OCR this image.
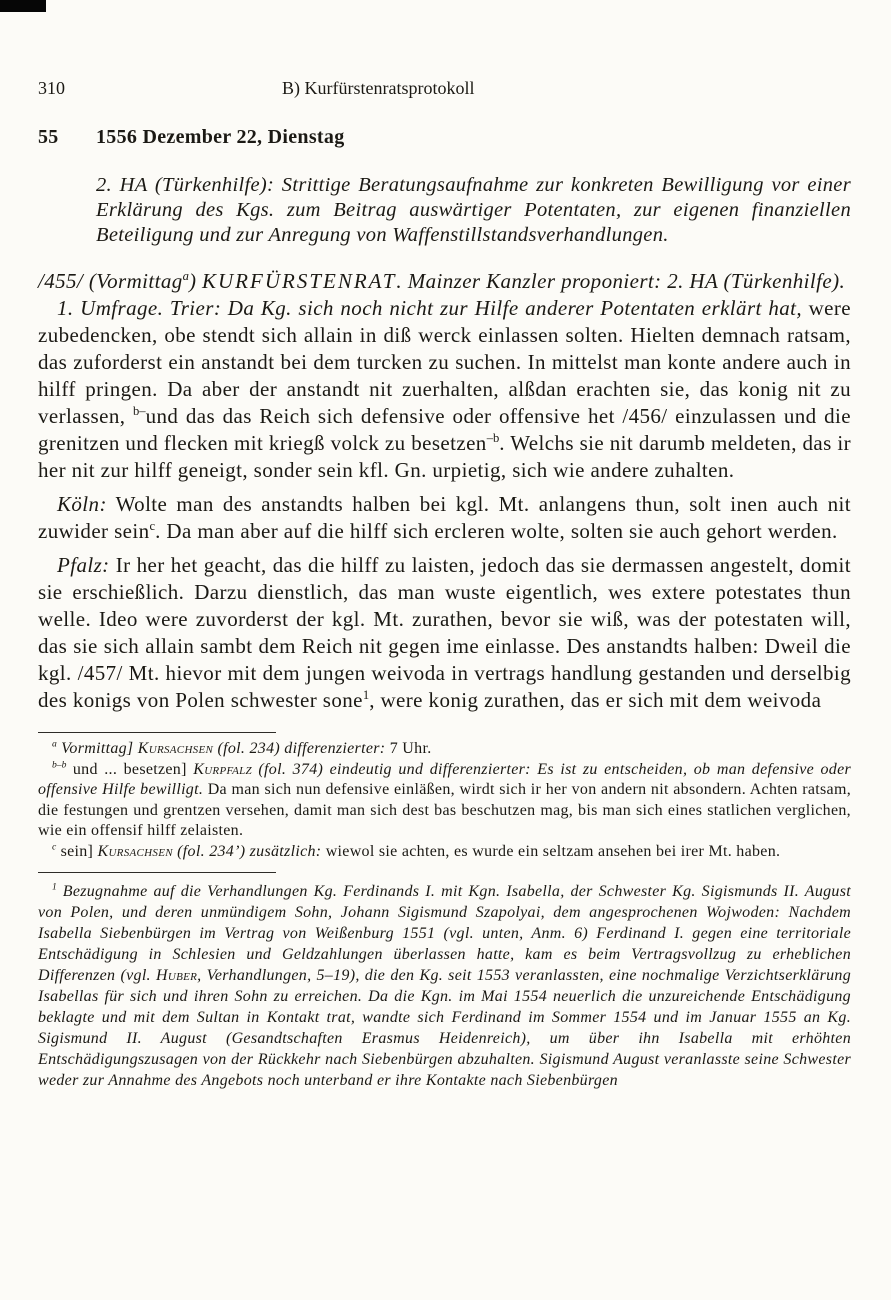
310	B) Kurfürstenratsprotokoll
55	1556 Dezember 22, Dienstag

2. HA (Türkenhilfe): Strittige Beratungsaufnahme zur konkreten Bewilligung vor einer Erklärung des Kgs. zum Beitrag auswärtiger Potentaten, zur eigenen finanziellen Beteiligung und zur Anregung von Waffenstillstandsverhandlungen.

/455/ (Vormittag$^a$) KURFÜRSTENRAT. Mainzer Kanzler proponiert: 2. HA (Türkenhilfe).

1. Umfrage. Trier: Da Kg. sich noch nicht zur Hilfe anderer Potentaten erklärt hat, were zubedencken, obe stendt sich allain in diß werck einlassen solten. Hielten demnach ratsam, das zuforderst ein anstandt bei dem turcken zu suchen. In mittelst man konte andere auch in hilff pringen. Da aber der anstandt nit zuerhalten, alßdan erachten sie, das konig nit zu verlassen, $^{b-}$und das das Reich sich defensive oder offensive het /456/ einzulassen und die grenitzen und flecken mit kriegß volck zu besetzen$^{-b}$. Welchs sie nit darumb meldeten, das ir her nit zur hilff geneigt, sonder sein kfl. Gn. urpietig, sich wie andere zuhalten.

Köln: Wolte man des anstandts halben bei kgl. Mt. anlangens thun, solt inen auch nit zuwider sein$^c$. Da man aber auf die hilff sich ercleren wolte, solten sie auch gehort werden.

Pfalz: Ir her het geacht, das die hilff zu laisten, jedoch das sie dermassen angestelt, domit sie erschießlich. Darzu dienstlich, das man wuste eigentlich, wes extere potestates thun welle. Ideo were zuvorderst der kgl. Mt. zurathen, bevor sie wiß, was der potestaten will, das sie sich allain sambt dem Reich nit gegen ime einlasse. Des anstandts halben: Dweil die kgl. /457/ Mt. hievor mit dem jungen weivoda in vertrags handlung gestanden und derselbig des konigs von Polen schwester sone$^1$, were konig zurathen, das er sich mit dem weivoda

$^a$ Vormittag] Kursachsen (fol. 234) differenzierter: 7 Uhr.

$^{b-b}$ und ... besetzen] Kurpfalz (fol. 374) eindeutig und differenzierter: Es ist zu entscheiden, ob man defensive oder offensive Hilfe bewilligt. Da man sich nun defensive einläßen, wirdt sich ir her von andern nit absondern. Achten ratsam, die festungen und grentzen versehen, damit man sich dest bas beschutzen mag, bis man sich eines statlichen verglichen, wie ein offensif hilff zelaisten.

$^c$ sein] Kursachsen (fol. 234’) zusätzlich: wiewol sie achten, es wurde ein seltzam ansehen bei irer Mt. haben.

$^1$ Bezugnahme auf die Verhandlungen Kg. Ferdinands I. mit Kgn. Isabella, der Schwester Kg. Sigismunds II. August von Polen, und deren unmündigem Sohn, Johann Sigismund Szapolyai, dem angesprochenen Wojwoden: Nachdem Isabella Siebenbürgen im Vertrag von Weißenburg 1551 (vgl. unten, Anm. 6) Ferdinand I. gegen eine territoriale Entschädigung in Schlesien und Geldzahlungen überlassen hatte, kam es beim Vertragsvollzug zu erheblichen Differenzen (vgl. Huber, Verhandlungen, 5–19), die den Kg. seit 1553 veranlassten, eine nochmalige Verzichtserklärung Isabellas für sich und ihren Sohn zu erreichen. Da die Kgn. im Mai 1554 neuerlich die unzureichende Entschädigung beklagte und mit dem Sultan in Kontakt trat, wandte sich Ferdinand im Sommer 1554 und im Januar 1555 an Kg. Sigismund II. August (Gesandtschaften Erasmus Heidenreich), um über ihn Isabella mit erhöhten Entschädigungszusagen von der Rückkehr nach Siebenbürgen abzuhalten. Sigismund August veranlasste seine Schwester weder zur Annahme des Angebots noch unterband er ihre Kontakte nach Siebenbürgen
